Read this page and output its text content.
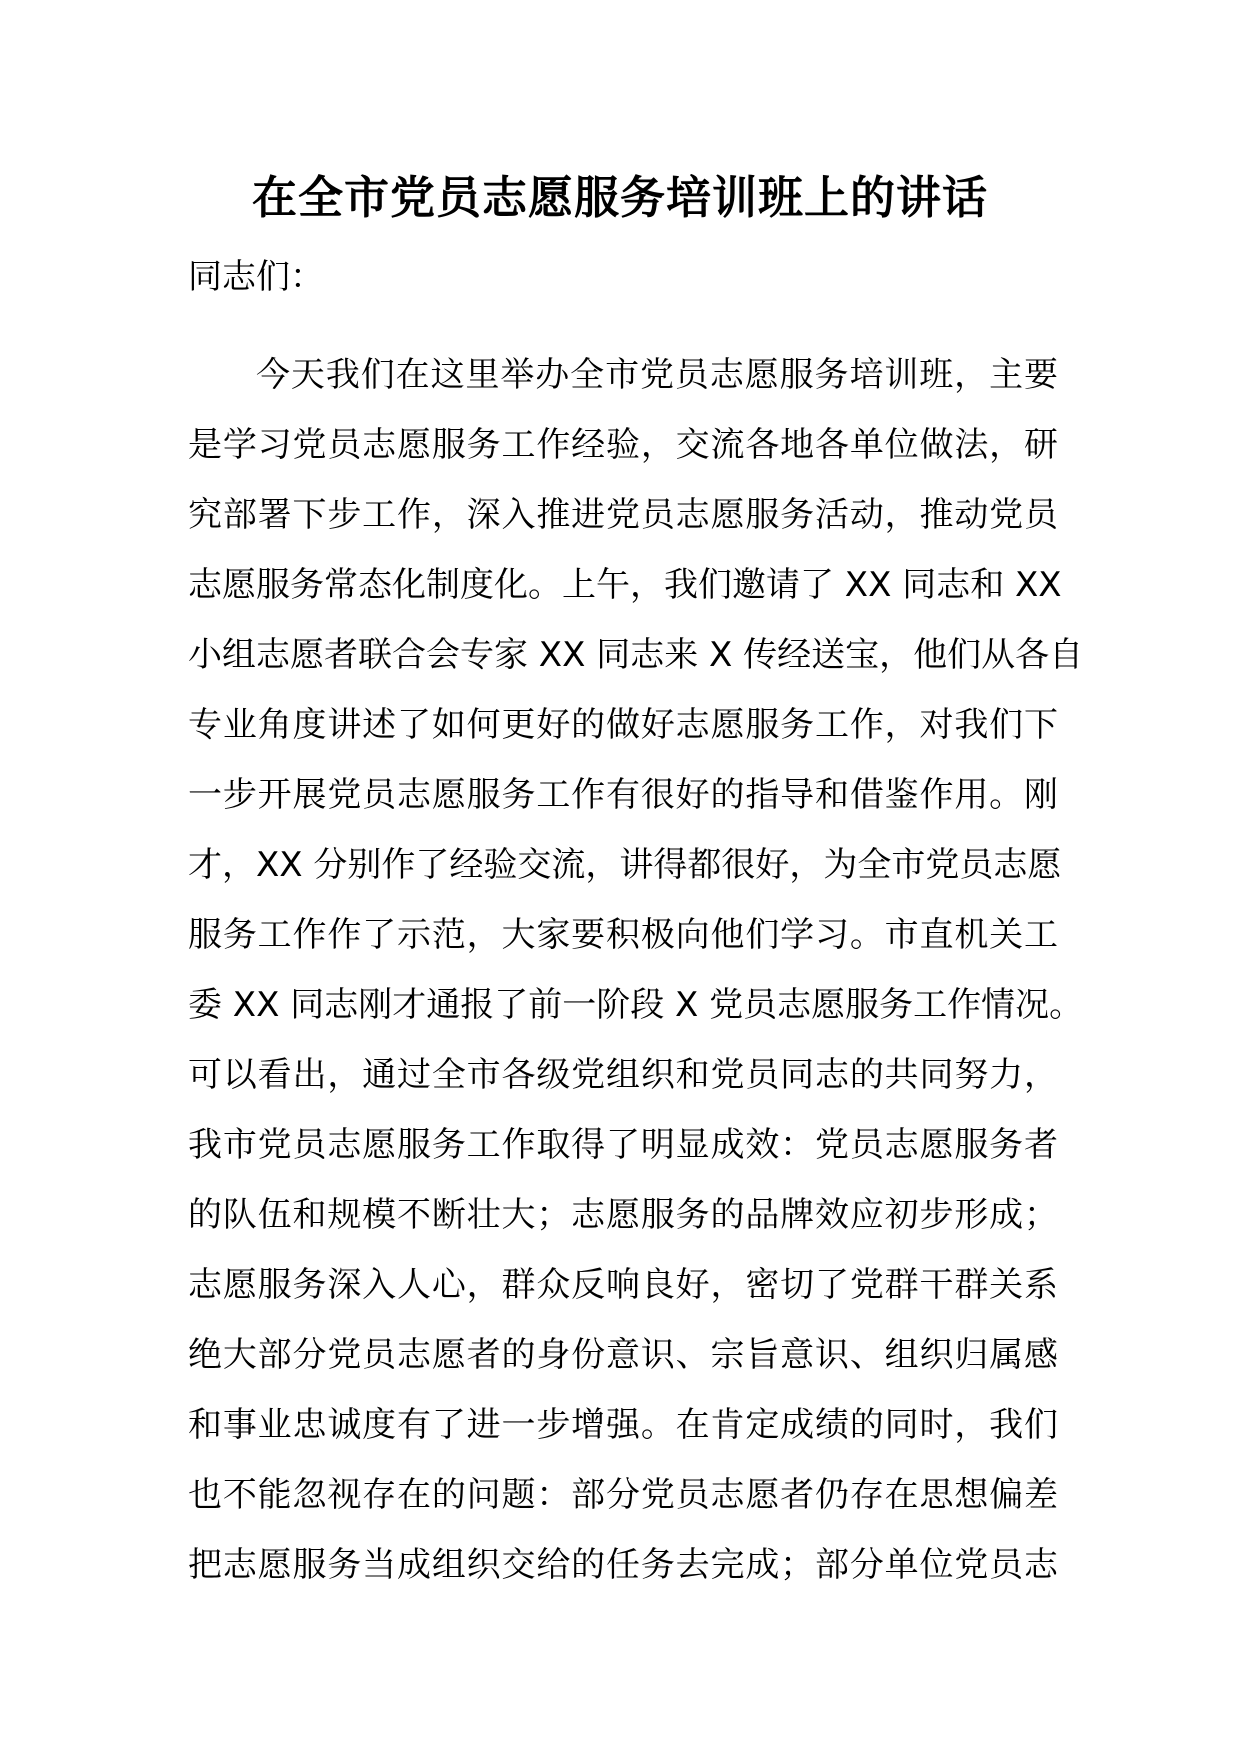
在全市党员志愿服务培训班上的讲话
同志们：
今天我们在这里举办全市党员志愿服务培训班，主要
是学习党员志愿服务工作经验，交流各地各单位做法，研
究部署下步工作，深入推进党员志愿服务活动，推动党员
志愿服务常态化制度化。上午，我们邀请了 XX 同志和 XX
小组志愿者联合会专家 XX 同志来 X 传经送宝，他们从各自
专业角度讲述了如何更好的做好志愿服务工作，对我们下
一步开展党员志愿服务工作有很好的指导和借鉴作用。刚
才，XX 分别作了经验交流，讲得都很好，为全市党员志愿
服务工作作了示范，大家要积极向他们学习。市直机关工
委 XX 同志刚才通报了前一阶段 X 党员志愿服务工作情况。
可以看出，通过全市各级党组织和党员同志的共同努力，
我市党员志愿服务工作取得了明显成效：党员志愿服务者
的队伍和规模不断壮大；志愿服务的品牌效应初步形成；
志愿服务深入人心，群众反响良好，密切了党群干群关系
绝大部分党员志愿者的身份意识、宗旨意识、组织归属感
和事业忠诚度有了进一步增强。在肯定成绩的同时，我们
也不能忽视存在的问题：部分党员志愿者仍存在思想偏差
把志愿服务当成组织交给的任务去完成；部分单位党员志
